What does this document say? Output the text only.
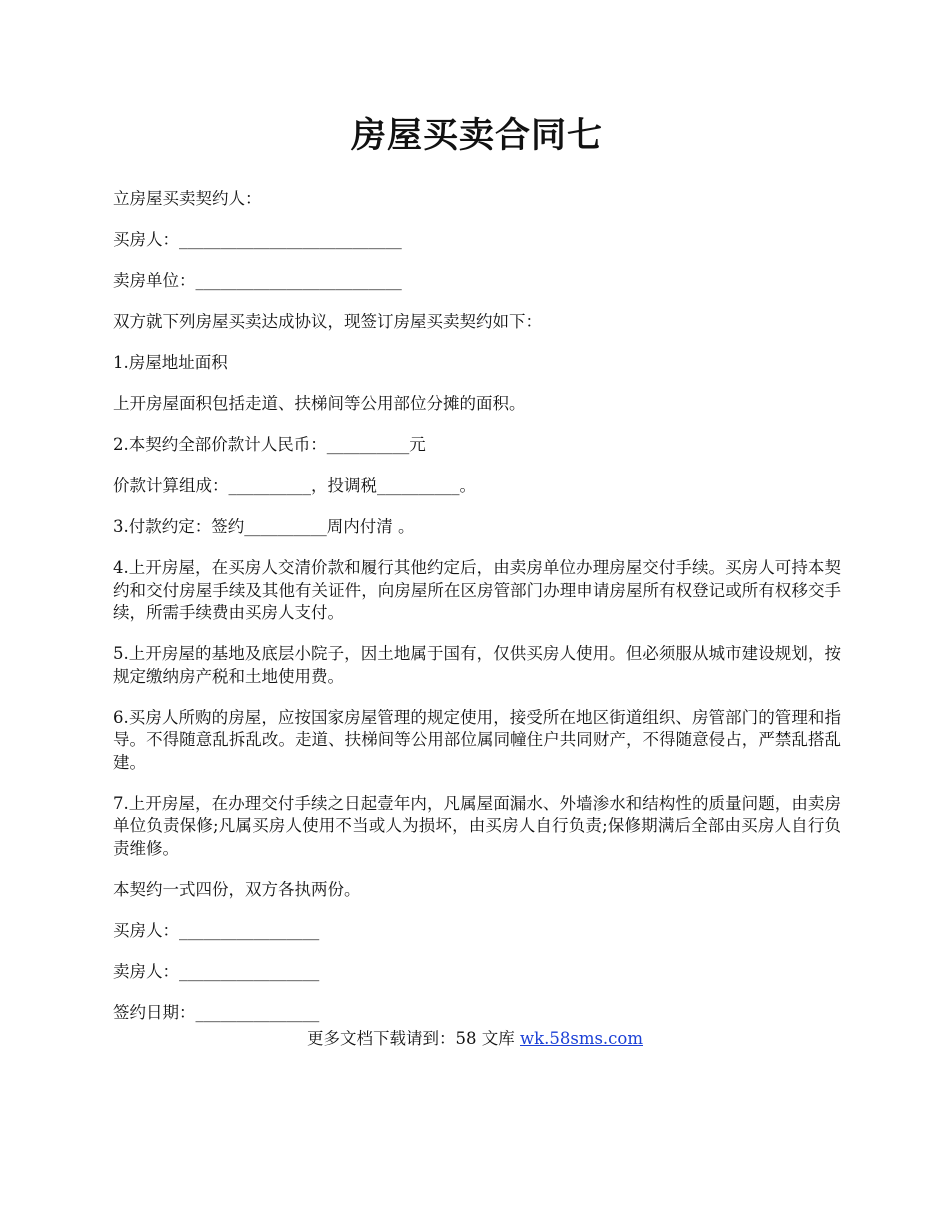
房屋买卖合同七

立房屋买卖契约人：

买房人：___________________________

卖房单位：_________________________

双方就下列房屋买卖达成协议，现签订房屋买卖契约如下：

1.房屋地址面积

上开房屋面积包括走道、扶梯间等公用部位分摊的面积。

2.本契约全部价款计人民币：__________元

价款计算组成：__________，投调税__________。

3.付款约定：签约__________周内付清 。

4.上开房屋，在买房人交清价款和履行其他约定后，由卖房单位办理房屋交付手续。买房人可持本契约和交付房屋手续及其他有关证件，向房屋所在区房管部门办理申请房屋所有权登记或所有权移交手续，所需手续费由买房人支付。

5.上开房屋的基地及底层小院子，因土地属于国有，仅供买房人使用。但必须服从城市建设规划，按规定缴纳房产税和土地使用费。

6.买房人所购的房屋，应按国家房屋管理的规定使用，接受所在地区街道组织、房管部门的管理和指导。不得随意乱拆乱改。走道、扶梯间等公用部位属同幢住户共同财产，不得随意侵占，严禁乱搭乱建。

7.上开房屋，在办理交付手续之日起壹年内，凡属屋面漏水、外墙渗水和结构性的质量问题，由卖房单位负责保修;凡属买房人使用不当或人为损坏，由买房人自行负责;保修期满后全部由买房人自行负责维修。

本契约一式四份，双方各执两份。

买房人：_________________

卖房人：_________________

签约日期：_______________

更多文档下载请到：58 文库 wk.58sms.com
